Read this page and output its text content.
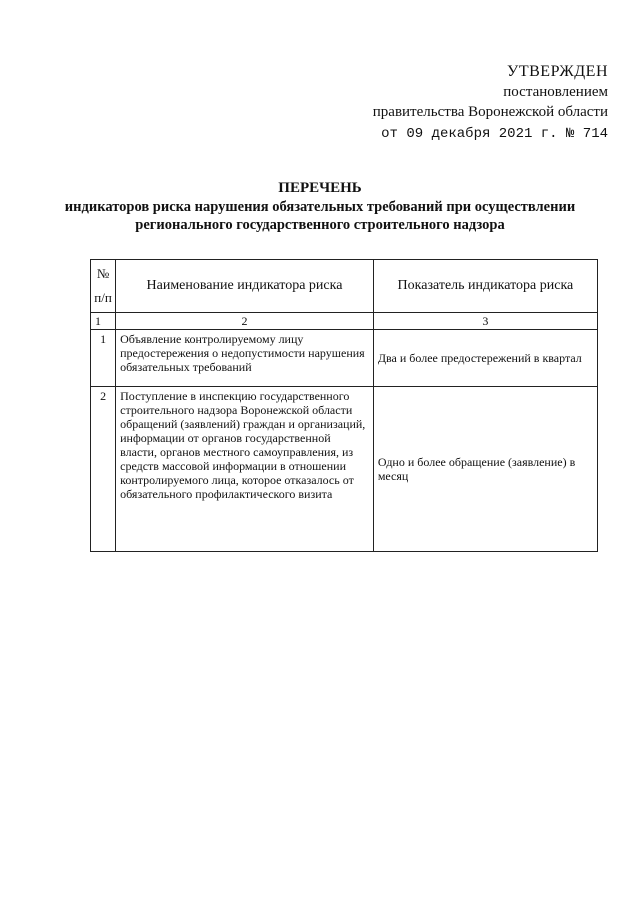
УТВЕРЖДЕН
постановлением
правительства Воронежской области
от 09 декабря 2021 г. № 714
ПЕРЕЧЕНЬ
индикаторов риска нарушения обязательных требований при осуществлении регионального государственного строительного надзора
№ п/п	Наименование индикатора риска	Показатель индикатора риска
1	2	3
1	Объявление контролируемому лицу предостережения о недопустимости нарушения обязательных требований	Два и более предостережений в квартал
2	Поступление в инспекцию государственного строительного надзора Воронежской области обращений (заявлений) граждан и организаций, информации от органов государственной власти, органов местного самоуправления, из средств массовой информации в отношении контролируемого лица, которое отказалось от обязательного профилактического визита	Одно и более обращение (заявление) в месяц
